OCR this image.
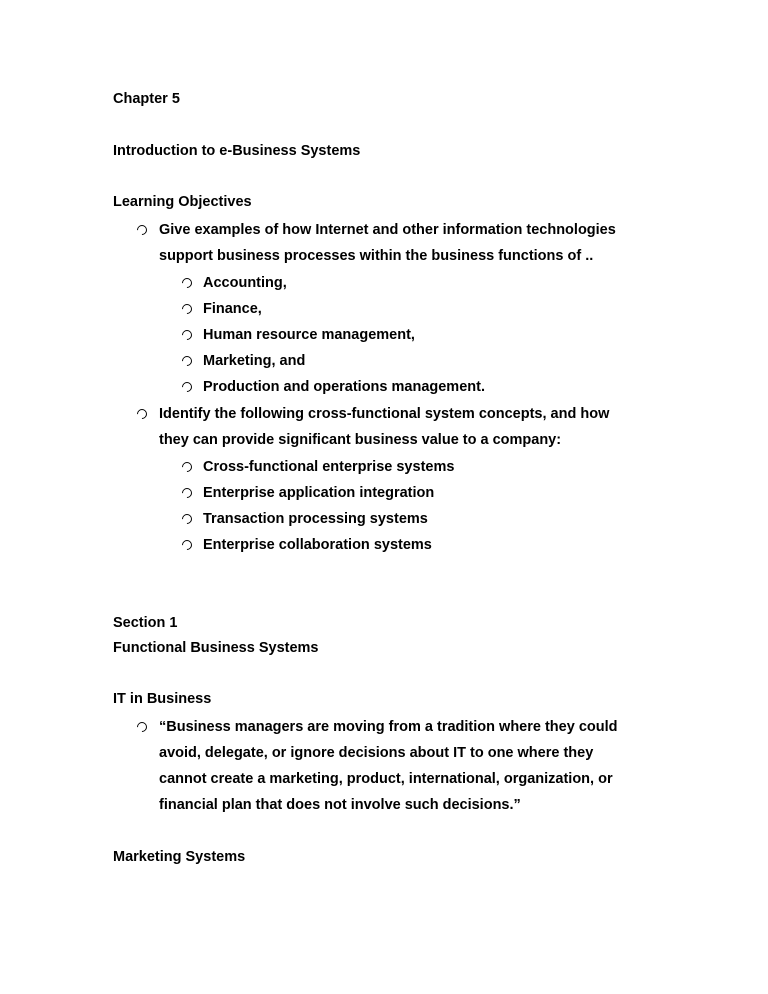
Chapter 5
Introduction to e-Business Systems
Learning Objectives
Give examples of how Internet and other information technologies
support business processes within the business functions of ..
Accounting,
Finance,
Human resource management,
Marketing, and
Production and operations management.
Identify the following cross-functional system concepts, and how
they can provide significant business value to a company:
Cross-functional enterprise systems
Enterprise application integration
Transaction processing systems
Enterprise collaboration systems
Section 1
Functional Business Systems
IT in Business
“Business managers are moving from a tradition where they could
avoid, delegate, or ignore decisions about IT to one where they
cannot create a marketing, product, international, organization, or
financial plan that does not involve such decisions.”
Marketing Systems
